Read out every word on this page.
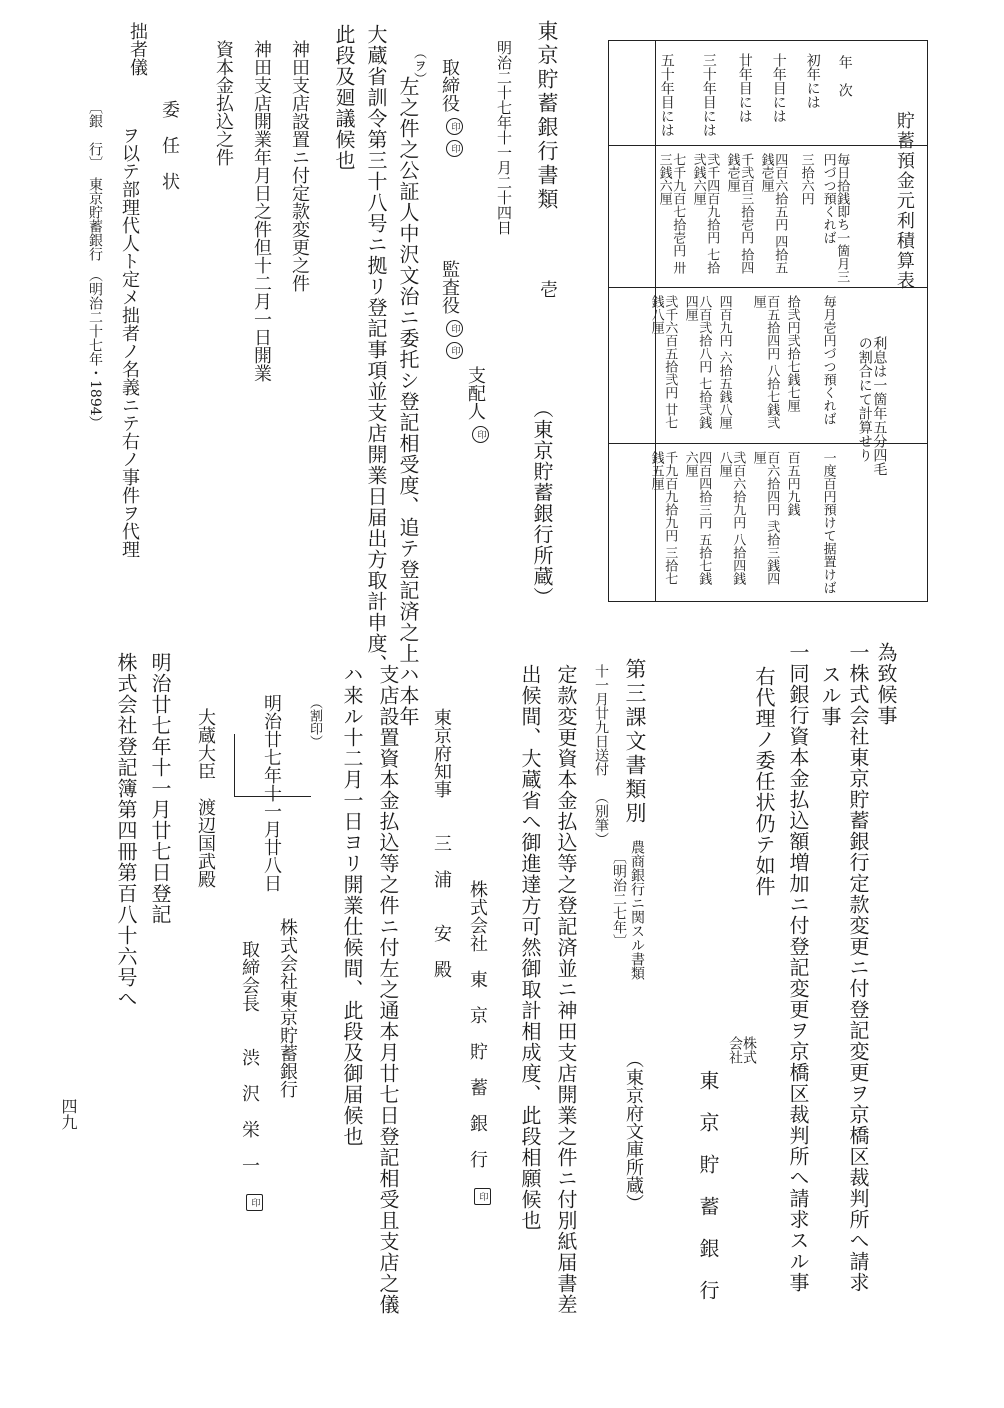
貯蓄預金元利積算表
利息は一箇年五分四毛の割合にて計算せり
年　次
初年には
十年目には
廿年目には
三十年目には
五十年目には
毎日拾銭即ち一箇月三円づつ預くれば
三拾六円
四百六拾五円 四拾五銭壱厘
千弐百三拾壱円 拾四銭壱厘
弐千四百九拾円 七拾弐銭六厘
七千九百七拾壱円 卅三銭六厘
毎月壱円づつ預くれば
拾弐円弐拾七銭七厘
百五拾四円 八拾七銭弐厘
四百九円 六拾五銭八厘
八百弐拾八円 七拾弐銭四厘
弐千六百五拾弐円 廿七銭八厘
一度百円預けて据置けば
百五円九銭
百六拾四円 弐拾三銭四厘
弐百六拾九円 八拾四銭八厘
四百四拾三円 五拾七銭六厘
千九百九拾九円 三拾七銭五厘
東京貯蓄銀行書類
壱
（東京貯蓄銀行所蔵）
明治二十七年十一月二十四日
支配人 印
取締役 印 印
監査役 印 印
（ヲ）
左之件之公証人中沢文治ニ委托シ登記相受度、追テ登記済之上ハ本年
大蔵省訓令第三十八号ニ拠リ登記事項並支店開業日届出方取計申度、
此段及廻議候也
神田支店設置ニ付定款変更之件
神田支店開業年月日之件但十二月一日開業
資本金払込之件
委　任　状
拙者儀
ヲ以テ部理代人ト定メ拙者ノ名義ニテ右ノ事件ヲ代理
〔銀　行〕　東京貯蓄銀行　（明治二十七年・1894）
為致候事
一株式会社東京貯蓄銀行定款変更ニ付登記変更ヲ京橋区裁判所へ請求
スル事
一同銀行資本金払込額増加ニ付登記変更ヲ京橋区裁判所へ請求スル事
右代理ノ委任状仍テ如件
株式会社
東　京　貯　蓄　銀　行
第三課文書類別
農商銀行ニ関スル書類
〔明治二七年〕
（東京府文庫所蔵）
十一月廿九日送付
（別筆）
定款変更資本金払込等之登記済並ニ神田支店開業之件ニ付別紙届書差
出候間、大蔵省へ御進達方可然御取計相成度、此段相願候也
株式会社　東　京　貯　蓄　銀　行 印
東京府知事　　三　浦　　安　殿
支店設置資本金払込等之件ニ付左之通本月廿七日登記相受且支店之儀
ハ来ル十二月一日ヨリ開業仕候間、此段及御届候也
（割印）
明治廿七年十一月廿八日
株式会社東京貯蓄銀行
取締会長　　渋　沢　栄　一 印
大蔵大臣　渡辺国武殿
明治廿七年十一月廿七日登記
株式会社登記簿第四冊第百八十六号へ
四九
